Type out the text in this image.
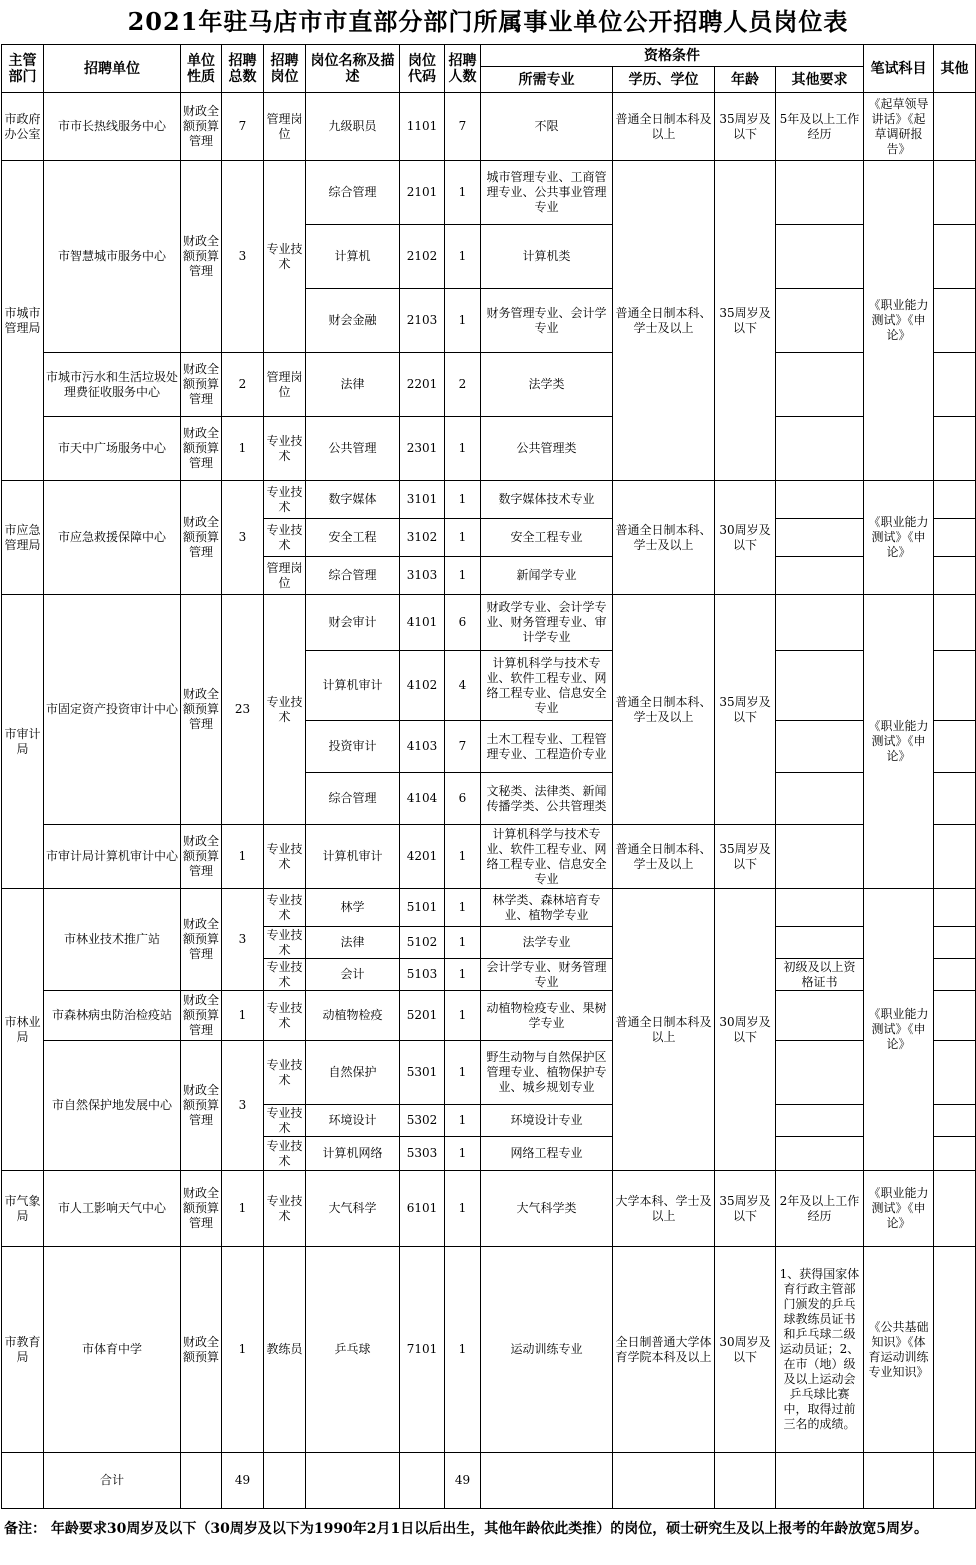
2021年驻马店市市直部分部门所属事业单位公开招聘人员岗位表
主管部门	招聘单位	单位性质	招聘总数	招聘岗位	岗位名称及描述	岗位代码	招聘人数	资格条件				笔试科目	其他
								所需专业	学历、学位	年龄	其他要求		
市政府办公室	市市长热线服务中心	财政全额预算管理	7	管理岗位	九级职员	1101	7	不限	普通全日制本科及以上	35周岁及以下	5年及以上工作经历	《起草领导讲话》《起草调研报告》	
市城市管理局	市智慧城市服务中心	财政全额预算管理	3	专业技术	综合管理	2101	1	城市管理专业、工商管理专业、公共事业管理专业	普通全日制本科、学士及以上	35周岁及以下		《职业能力测试》《申论》	
					计算机	2102	1	计算机类					
					财会金融	2103	1	财务管理专业、会计学专业					
	市城市污水和生活垃圾处理费征收服务中心	财政全额预算管理	2	管理岗位	法律	2201	2	法学类					
	市天中广场服务中心	财政全额预算管理	1	专业技术	公共管理	2301	1	公共管理类					
市应急管理局	市应急救援保障中心	财政全额预算管理	3	专业技术	数字媒体	3101	1	数字媒体技术专业	普通全日制本科、学士及以上	30周岁及以下		《职业能力测试》《申论》	
				专业技术	安全工程	3102	1	安全工程专业					
				管理岗位	综合管理	3103	1	新闻学专业					
市审计局	市固定资产投资审计中心	财政全额预算管理	23	专业技术	财会审计	4101	6	财政学专业、会计学专业、财务管理专业、审计学专业	普通全日制本科、学士及以上	35周岁及以下		《职业能力测试》《申论》	
					计算机审计	4102	4	计算机科学与技术专业、软件工程专业、网络工程专业、信息安全专业					
					投资审计	4103	7	土木工程专业、工程管理专业、工程造价专业					
					综合管理	4104	6	文秘类、法律类、新闻传播学类、公共管理类					
	市审计局计算机审计中心	财政全额预算管理	1	专业技术	计算机审计	4201	1	计算机科学与技术专业、软件工程专业、网络工程专业、信息安全专业	普通全日制本科、学士及以上	35周岁及以下			
市林业局	市林业技术推广站	财政全额预算管理	3	专业技术	林学	5101	1	林学类、森林培育专业、植物学专业	普通全日制本科及以上	30周岁及以下		《职业能力测试》《申论》	
				专业技术	法律	5102	1	法学专业					
				专业技术	会计	5103	1	会计学专业、财务管理专业			初级及以上资格证书		
	市森林病虫防治检疫站	财政全额预算管理	1	专业技术	动植物检疫	5201	1	动植物检疫专业、果树学专业					
	市自然保护地发展中心	财政全额预算管理	3	专业技术	自然保护	5301	1	野生动物与自然保护区管理专业、植物保护专业、城乡规划专业					
				专业技术	环境设计	5302	1	环境设计专业					
				专业技术	计算机网络	5303	1	网络工程专业					
市气象局	市人工影响天气中心	财政全额预算管理	1	专业技术	大气科学	6101	1	大气科学类	大学本科、学士及以上	35周岁及以下	2年及以上工作经历	《职业能力测试》《申论》	
市教育局	市体育中学	财政全额预算	1	教练员	乒乓球	7101	1	运动训练专业	全日制普通大学体育学院本科及以上	30周岁及以下	1、获得国家体育行政主管部门颁发的乒乓球教练员证书和乒乓球二级运动员证；2、在市（地）级及以上运动会乒乓球比赛中，取得过前三名的成绩。	《公共基础知识》《体育运动训练专业知识》	
	合计		49				49						
备注： 年龄要求30周岁及以下（30周岁及以下为1990年2月1日以后出生，其他年龄依此类推）的岗位，硕士研究生及以上报考的年龄放宽5周岁。
